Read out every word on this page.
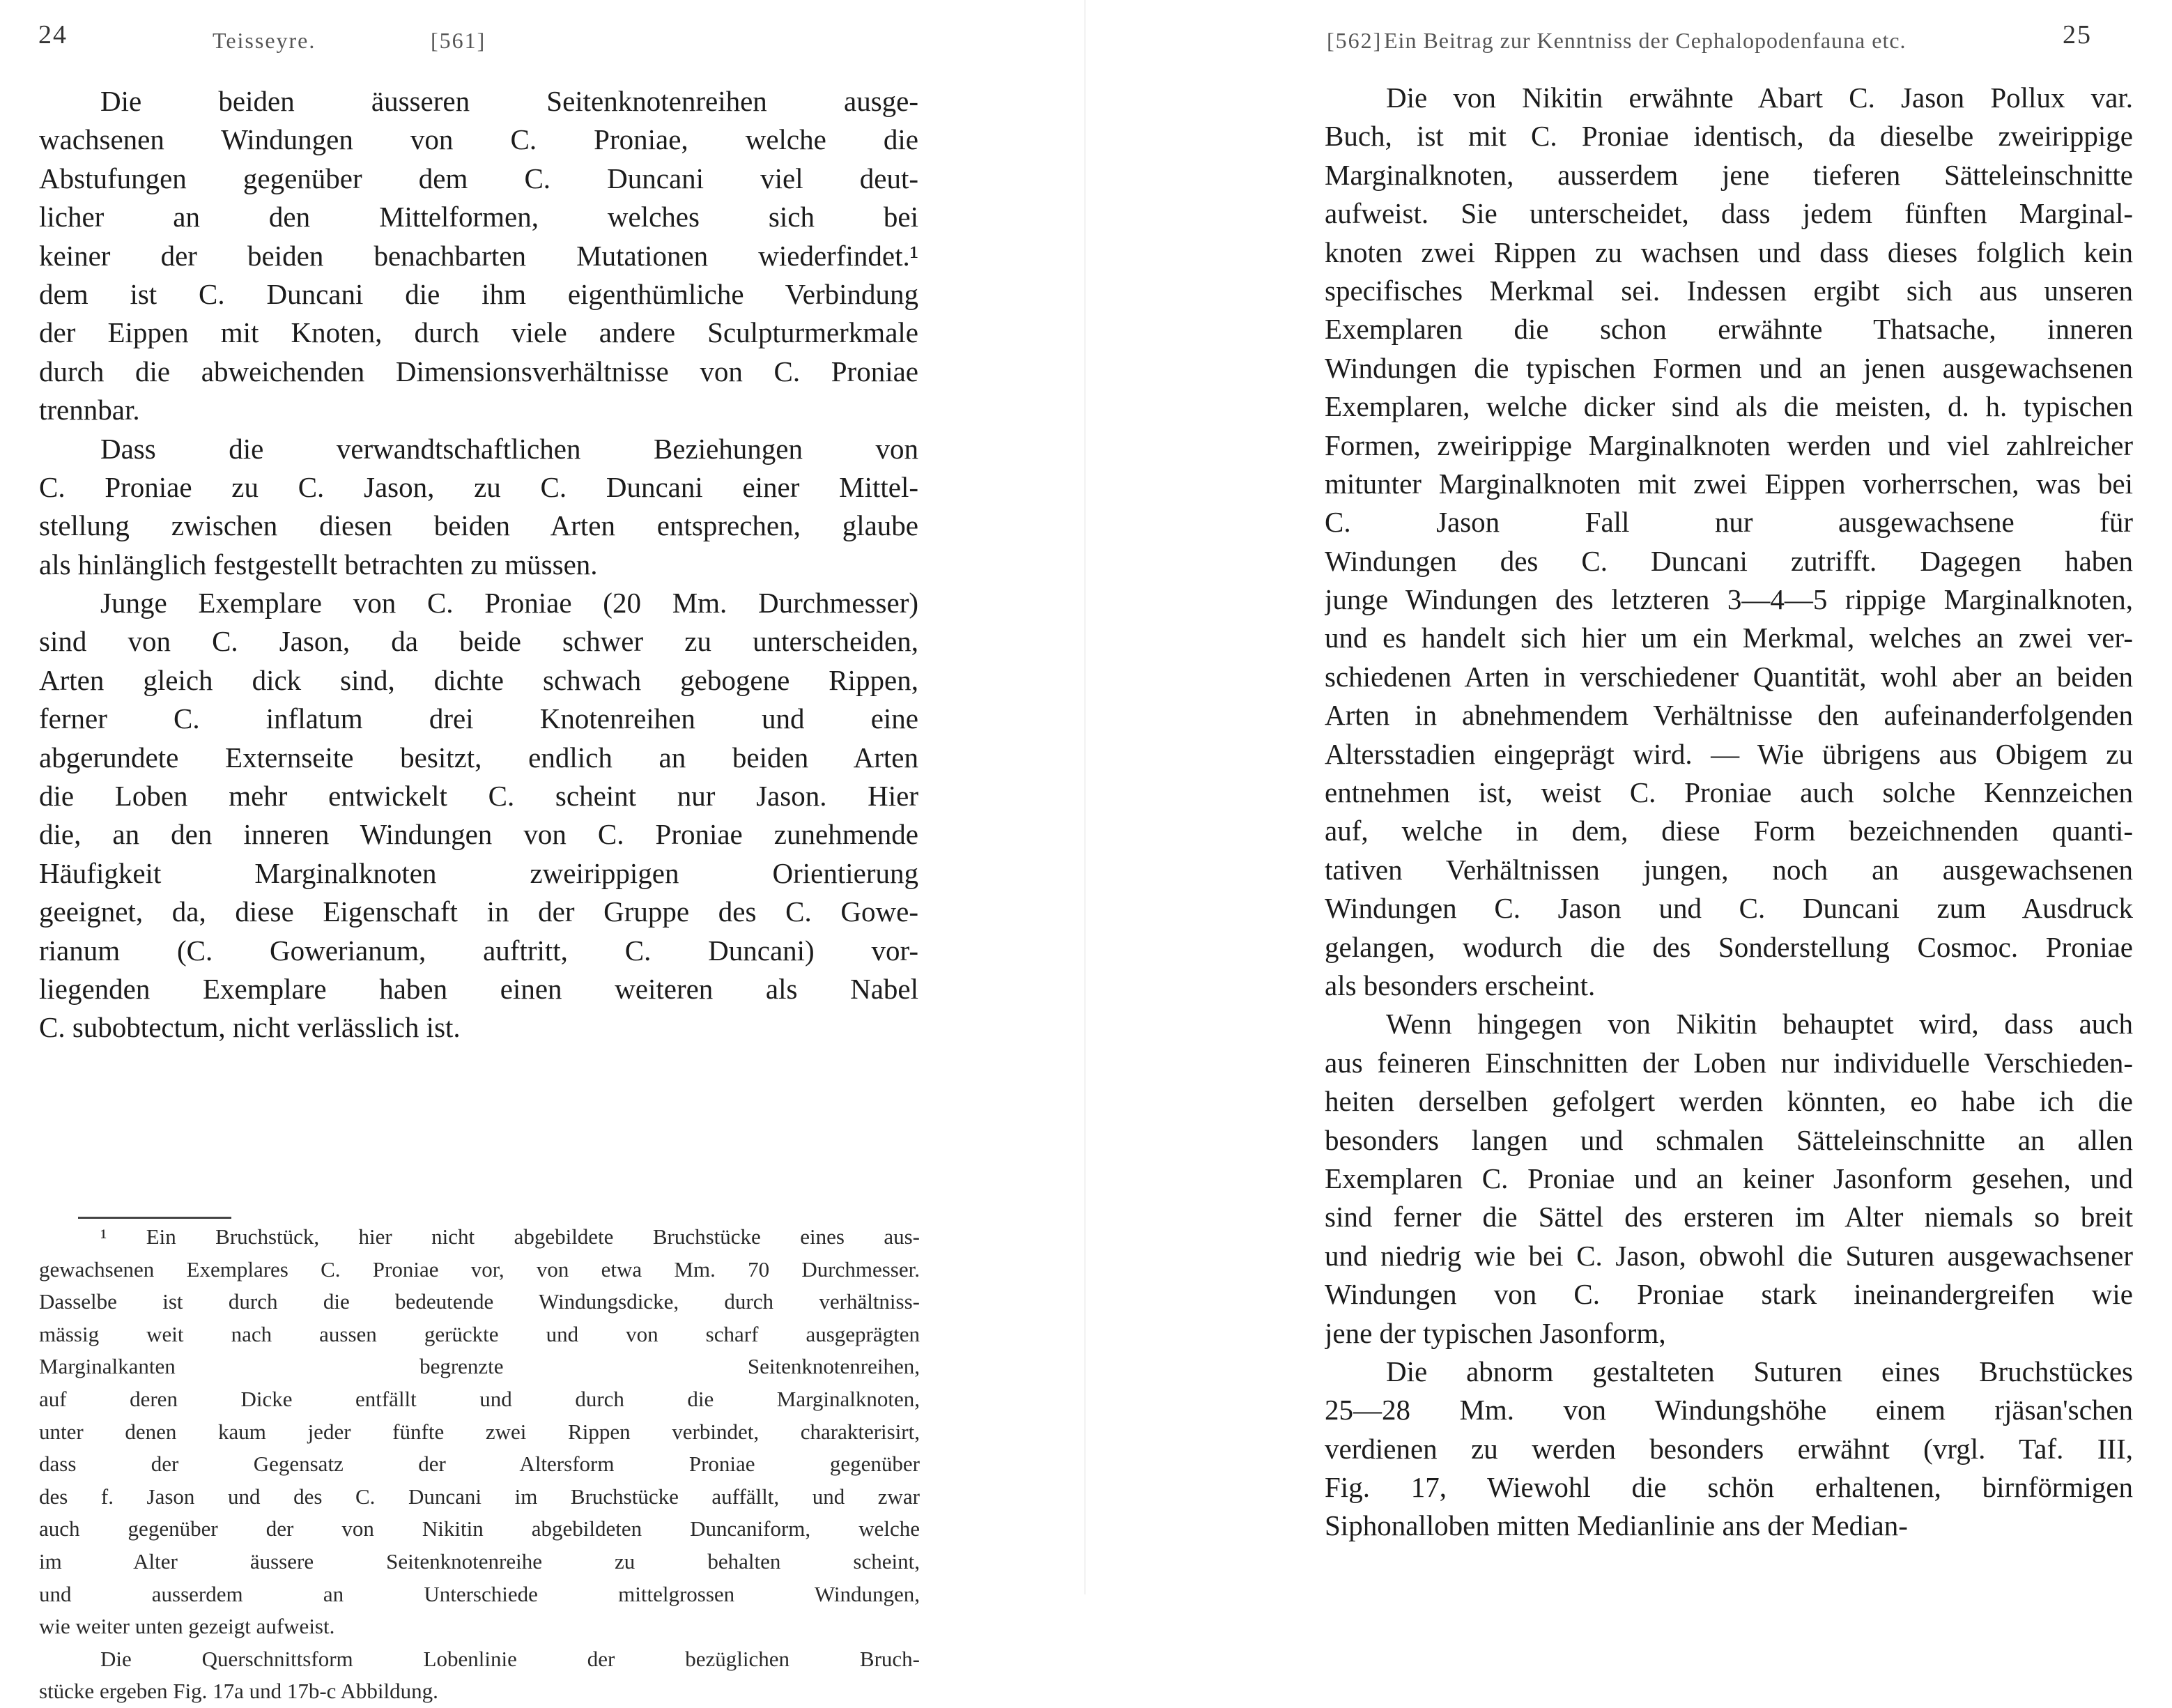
24	Teisseyre.	[561]
Die beiden äusseren Seitenknotenreihen ausge-
wachsenen Windungen von C. Proniae, welche die
Abstufungen gegenüber dem C. Duncani viel deut-
licher an den Mittelformen, welches sich bei
keiner der beiden benachbarten Mutationen wiederfindet.¹
dem ist C. Duncani die ihm eigenthümliche Verbindung
der Eippen mit Knoten, durch viele andere Sculpturmerkmale
durch die abweichenden Dimensionsverhältnisse von C. Proniae
trennbar.
Dass die verwandtschaftlichen Beziehungen von
C. Proniae zu C. Jason, zu C. Duncani einer Mittel-
stellung zwischen diesen beiden Arten entsprechen, glaube
als hinlänglich festgestellt betrachten zu müssen.
Junge Exemplare von C. Proniae (20 Mm. Durchmesser)
sind von C. Jason, da beide schwer zu unterscheiden,
Arten gleich dick sind, dichte schwach gebogene Rippen,
ferner C. inflatum drei Knotenreihen und eine
abgerundete Externseite besitzt, endlich an beiden Arten
die Loben mehr entwickelt C. scheint nur Jason. Hier
die, an den inneren Windungen von C. Proniae zunehmende
Häufigkeit Marginalknoten zweirippigen Orientierung
geeignet, da, diese Eigenschaft in der Gruppe des C. Gowe-
rianum (C. Gowerianum, auftritt, C. Duncani) vor-
liegenden Exemplare haben einen weiteren als Nabel
C. subobtectum, nicht verlässlich ist.
¹ Ein Bruchstück, hier nicht abgebildete Bruchstücke eines aus-
gewachsenen Exemplares C. Proniae vor, von etwa Mm. 70 Durchmesser.
Dasselbe ist durch die bedeutende Windungsdicke, durch verhältniss-
mässig weit nach aussen gerückte und von scharf ausgeprägten
Marginalkanten begrenzte Seitenknotenreihen,
auf deren Dicke entfällt und durch die Marginalknoten,
unter denen kaum jeder fünfte zwei Rippen verbindet, charakterisirt,
dass der Gegensatz der Altersform Proniae gegenüber
des f. Jason und des C. Duncani im Bruchstücke auffällt, und zwar
auch gegenüber der von Nikitin abgebildeten Duncaniform, welche
im Alter äussere Seitenknotenreihe zu behalten scheint,
und ausserdem an Unterschiede mittelgrossen Windungen,
wie weiter unten gezeigt aufweist.
Die Querschnittsform Lobenlinie der bezüglichen Bruch-
stücke ergeben Fig. 17a und 17b-c Abbildung.
[562] Ein Beitrag zur Kenntniss der Cephalopodenfauna etc.	25
Die von Nikitin erwähnte Abart C. Jason Pollux var.
Buch, ist mit C. Proniae identisch, da dieselbe zweirippige
Marginalknoten, ausserdem jene tieferen Sätteleinschnitte
aufweist. Sie unterscheidet, dass jedem fünften Marginal-
knoten zwei Rippen zu wachsen und dass dieses folglich kein
specifisches Merkmal sei. Indessen ergibt sich aus unseren
Exemplaren die schon erwähnte Thatsache, inneren
Windungen die typischen Formen und an jenen ausgewachsenen
Exemplaren, welche dicker sind als die meisten, d. h. typischen
Formen, zweirippige Marginalknoten werden und viel zahlreicher
mitunter Marginalknoten mit zwei Eippen vorherrschen, was bei
C. Jason Fall nur ausgewachsene für
Windungen des C. Duncani zutrifft. Dagegen haben
junge Windungen des letzteren 3—4—5 rippige Marginalknoten,
und es handelt sich hier um ein Merkmal, welches an zwei ver-
schiedenen Arten in verschiedener Quantität, wohl aber an beiden
Arten in abnehmendem Verhältnisse den aufeinanderfolgenden
Altersstadien eingeprägt wird. — Wie übrigens aus Obigem zu
entnehmen ist, weist C. Proniae auch solche Kennzeichen
auf, welche in dem, diese Form bezeichnenden quanti-
tativen Verhältnissen jungen, noch an ausgewachsenen
Windungen C. Jason und C. Duncani zum Ausdruck
gelangen, wodurch die des Sonderstellung Cosmoc. Proniae
als besonders erscheint.
Wenn hingegen von Nikitin behauptet wird, dass auch
aus feineren Einschnitten der Loben nur individuelle Verschieden-
heiten derselben gefolgert werden könnten, eo habe ich die
besonders langen und schmalen Sätteleinschnitte an allen
Exemplaren C. Proniae und an keiner Jasonform gesehen, und
sind ferner die Sättel des ersteren im Alter niemals so breit
und niedrig wie bei C. Jason, obwohl die Suturen ausgewachsener
Windungen von C. Proniae stark ineinandergreifen wie
jene der typischen Jasonform,
Die abnorm gestalteten Suturen eines Bruchstückes
25—28 Mm. von Windungshöhe einem rjäsan'schen
verdienen zu werden besonders erwähnt (vrgl. Taf. III,
Fig. 17, Wiewohl die schön erhaltenen, birnförmigen
Siphonalloben mitten Medianlinie ans der Median-
